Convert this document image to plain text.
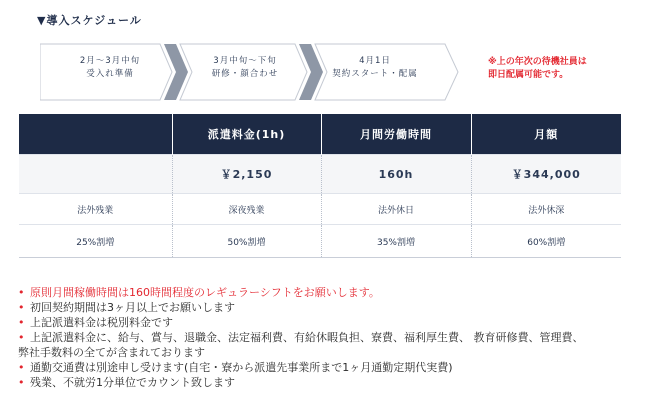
▼導入スケジュール
2月～3月中旬
受入れ準備
3月中旬～下旬
研修・顔合わせ
4月1日
契約スタート・配属
※上の年次の待機社員は
即日配属可能です。
	派遣料金(1h)	月間労働時間	月額
	￥2,150	160h	￥344,000
法外残業	深夜残業	法外休日	法外休深
25%割増	50%割増	35%割増	60%割増
• 原則月間稼働時間は160時間程度のレギュラーシフトをお願いします。
• 初回契約期間は3ヶ月以上でお願いします
• 上記派遣料金は税別料金です
• 上記派遣料金に、給与、賞与、退職金、法定福利費、有給休暇負担、寮費、福利厚生費、 教育研修費、管理費、
弊社手数料の全てが含まれております
• 通勤交通費は別途申し受けます(自宅・寮から派遣先事業所まで1ヶ月通勤定期代実費)
• 残業、不就労1分単位でカウント致します
